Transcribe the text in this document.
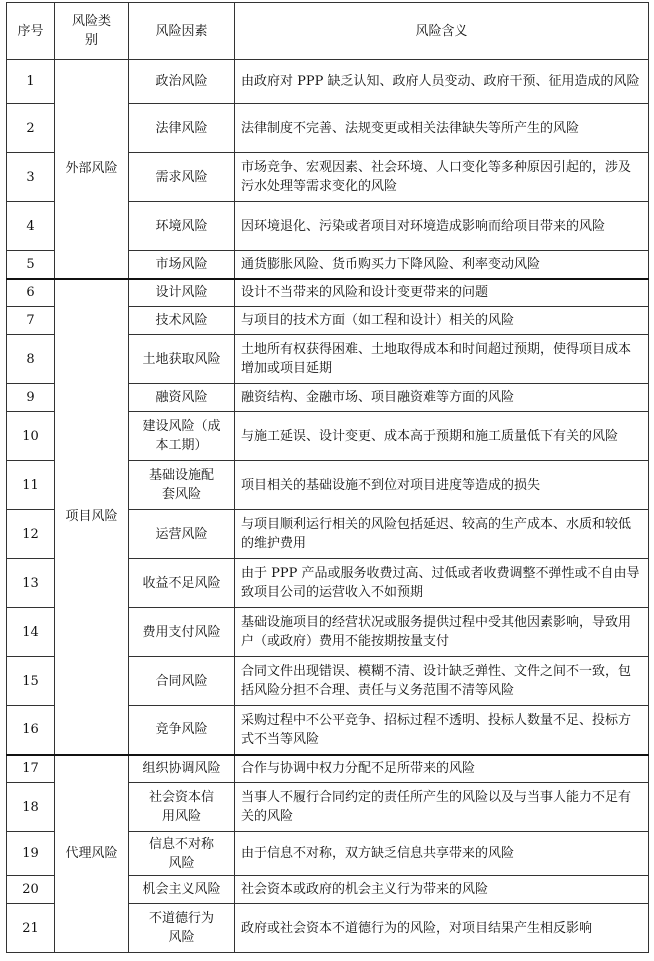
序号	风险类别	风险因素	风险含义
1	外部风险	政治风险	由政府对 PPP 缺乏认知、政府人员变动、政府干预、征用造成的风险
2		法律风险	法律制度不完善、法规变更或相关法律缺失等所产生的风险
3		需求风险	市场竞争、宏观因素、社会环境、人口变化等多种原因引起的，涉及污水处理等需求变化的风险
4		环境风险	因环境退化、污染或者项目对环境造成影响而给项目带来的风险
5		市场风险	通货膨胀风险、货币购买力下降风险、利率变动风险
6	项目风险	设计风险	设计不当带来的风险和设计变更带来的问题
7		技术风险	与项目的技术方面（如工程和设计）相关的风险
8		土地获取风险	土地所有权获得困难、土地取得成本和时间超过预期，使得项目成本增加或项目延期
9		融资风险	融资结构、金融市场、项目融资难等方面的风险
10		建设风险（成本工期）	与施工延误、设计变更、成本高于预期和施工质量低下有关的风险
11		基础设施配套风险	项目相关的基础设施不到位对项目进度等造成的损失
12		运营风险	与项目顺利运行相关的风险包括延迟、较高的生产成本、水质和较低的维护费用
13		收益不足风险	由于 PPP 产品或服务收费过高、过低或者收费调整不弹性或不自由导致项目公司的运营收入不如预期
14		费用支付风险	基础设施项目的经营状况或服务提供过程中受其他因素影响，导致用户（或政府）费用不能按期按量支付
15		合同风险	合同文件出现错误、模糊不清、设计缺乏弹性、文件之间不一致，包括风险分担不合理、责任与义务范围不清等风险
16		竞争风险	采购过程中不公平竞争、招标过程不透明、投标人数量不足、投标方式不当等风险
17	代理风险	组织协调风险	合作与协调中权力分配不足所带来的风险
18		社会资本信用风险	当事人不履行合同约定的责任所产生的风险以及与当事人能力不足有关的风险
19		信息不对称风险	由于信息不对称，双方缺乏信息共享带来的风险
20		机会主义风险	社会资本或政府的机会主义行为带来的风险
21		不道德行为风险	政府或社会资本不道德行为的风险，对项目结果产生相反影响
